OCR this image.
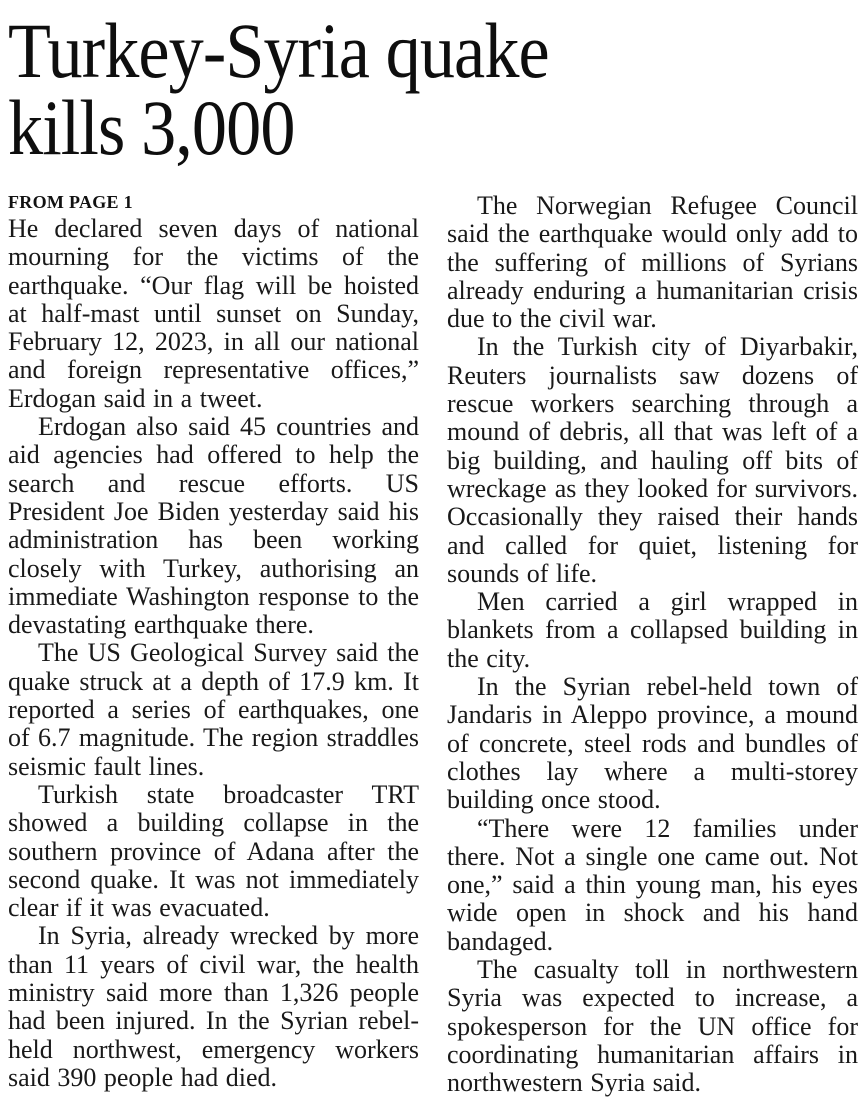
Turkey-Syria quake
kills 3,000
FROM PAGE 1

He declared seven days of national mourning for the victims of the earthquake. “Our flag will be hoisted at half-mast until sunset on Sunday, February 12, 2023, in all our national and foreign representative offices,” Erdogan said in a tweet.

Erdogan also said 45 countries and aid agencies had offered to help the search and rescue efforts. US President Joe Biden yesterday said his administration has been working closely with Turkey, authorising an immediate Washington response to the devastating earthquake there.

The US Geological Survey said the quake struck at a depth of 17.9 km. It reported a series of earthquakes, one of 6.7 magnitude. The region straddles seismic fault lines.

Turkish state broadcaster TRT showed a building collapse in the southern province of Adana after the second quake. It was not immediately clear if it was evacuated.

In Syria, already wrecked by more than 11 years of civil war, the health ministry said more than 1,326 people had been injured. In the Syrian rebel-held northwest, emergency workers said 390 people had died.

The Norwegian Refugee Council said the earthquake would only add to the suffering of millions of Syrians already enduring a humanitarian crisis due to the civil war.

In the Turkish city of Diyarbakir, Reuters journalists saw dozens of rescue workers searching through a mound of debris, all that was left of a big building, and hauling off bits of wreckage as they looked for survivors. Occasionally they raised their hands and called for quiet, listening for sounds of life.

Men carried a girl wrapped in blankets from a collapsed building in the city.

In the Syrian rebel-held town of Jandaris in Aleppo province, a mound of concrete, steel rods and bundles of clothes lay where a multi-storey building once stood.

“There were 12 families under there. Not a single one came out. Not one,” said a thin young man, his eyes wide open in shock and his hand bandaged.

The casualty toll in northwestern Syria was expected to increase, a spokesperson for the UN office for coordinating humanitarian affairs in northwestern Syria said.
